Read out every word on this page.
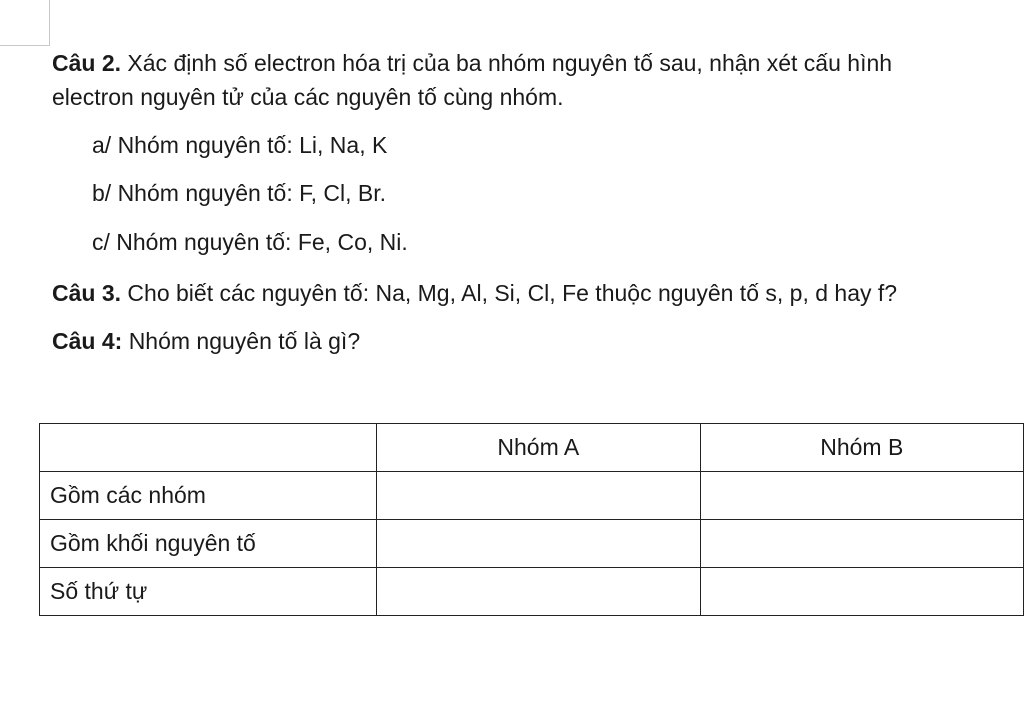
Câu 2. Xác định số electron hóa trị của ba nhóm nguyên tố sau, nhận xét cấu hình
electron nguyên tử của các nguyên tố cùng nhóm.
a/ Nhóm nguyên tố: Li, Na, K
b/ Nhóm nguyên tố: F, Cl, Br.
c/ Nhóm nguyên tố: Fe, Co, Ni.
Câu 3. Cho biết các nguyên tố: Na, Mg, Al, Si, Cl, Fe thuộc nguyên tố s, p, d hay f?
Câu 4: Nhóm nguyên tố là gì?
	Nhóm A	Nhóm B
Gồm các nhóm		
Gồm khối nguyên tố		
Số thứ tự		
